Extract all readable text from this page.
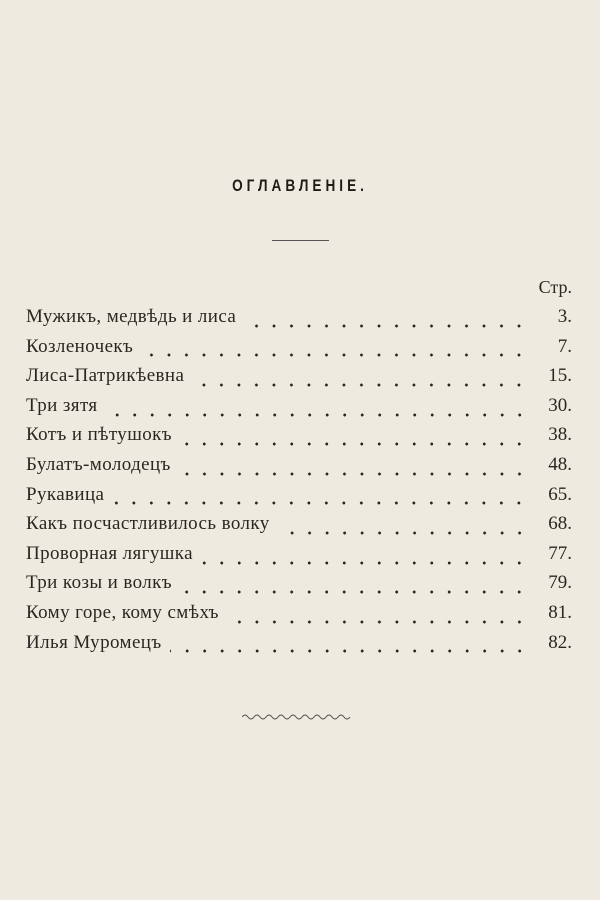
ОГЛАВЛЕНIЕ.
Стр.
Мужикъ, медвѣдь и лиса	3.
Козленочекъ	7.
Лиса-Патрикѣевна	15.
Три зятя	30.
Котъ и пѣтушокъ	38.
Булатъ-молодецъ	48.
Рукавица	65.
Какъ посчастливилось волку	68.
Проворная лягушка	77.
Три козы и волкъ	79.
Кому горе, кому смѣхъ	81.
Илья Муромецъ	82.
